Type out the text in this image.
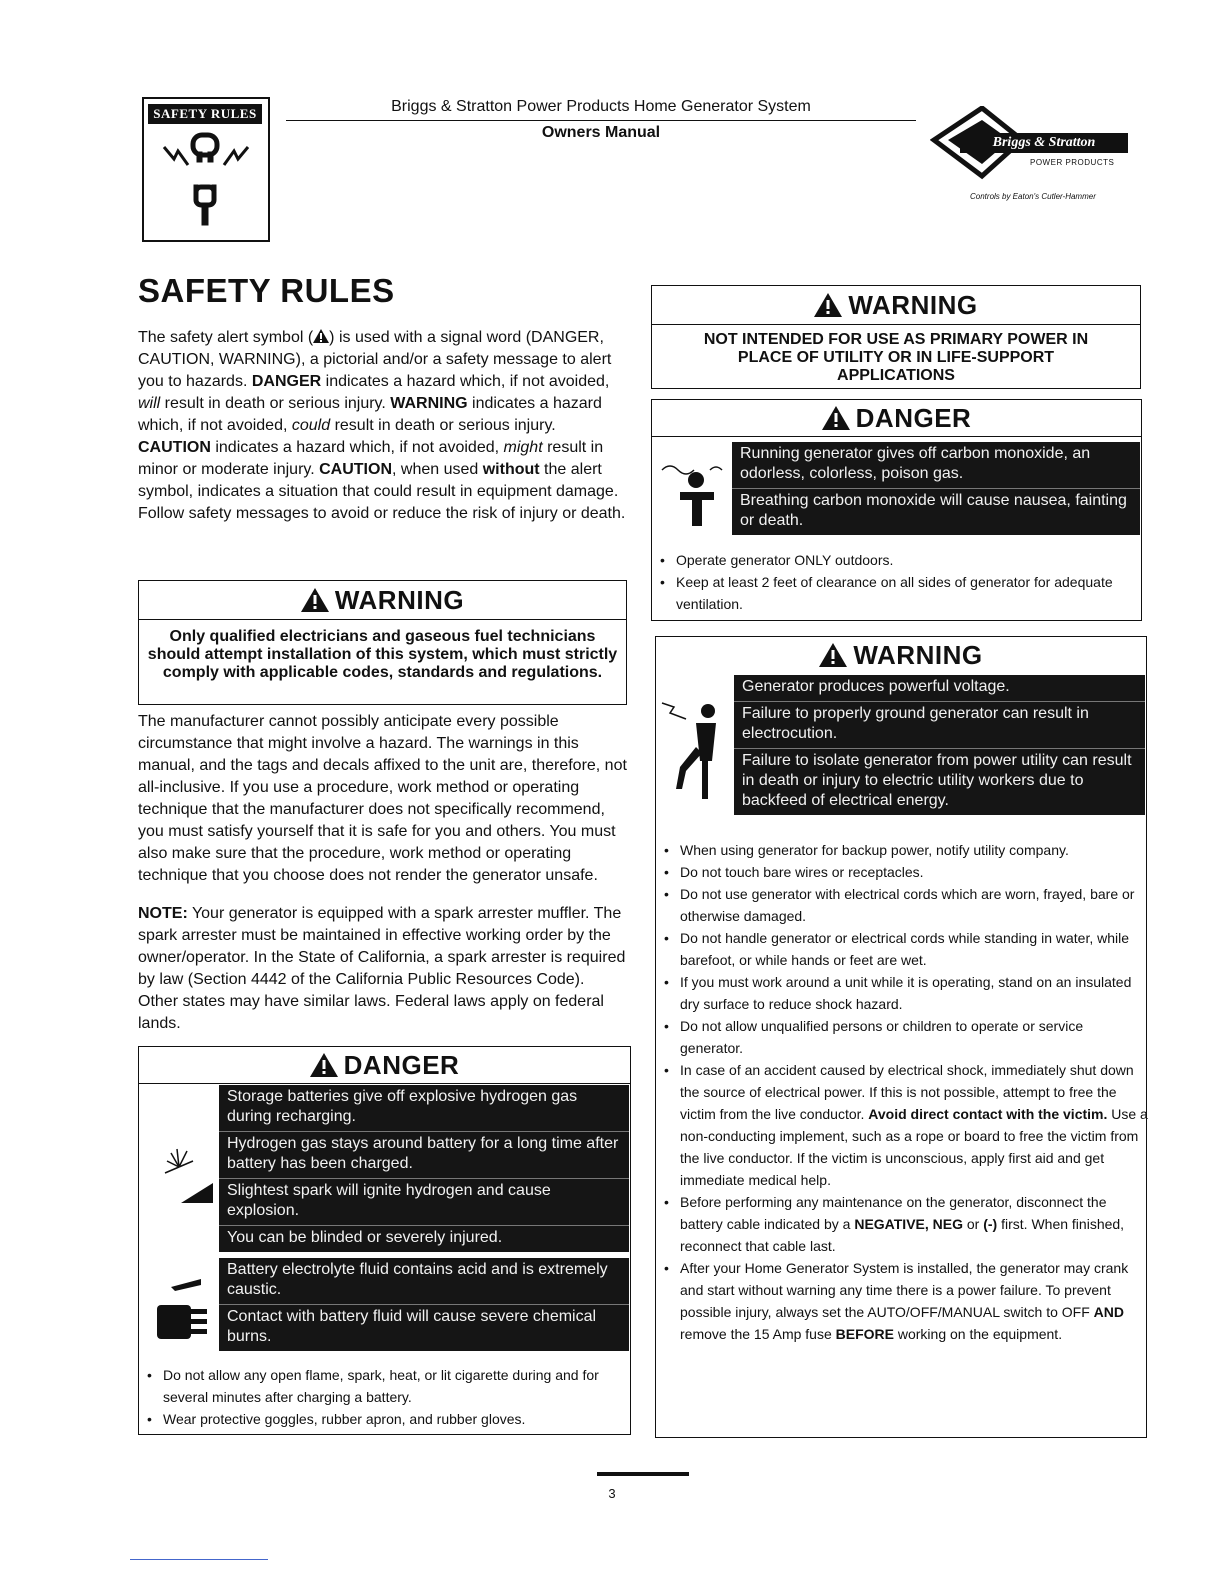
SAFETY RULES	Briggs & Stratton Power Products Home Generator System
Owners Manual
Briggs & Stratton
POWER PRODUCTS
Controls by Eaton's Cutler-Hammer
SAFETY RULES
The safety alert symbol ( ) is used with a signal word (DANGER, CAUTION, WARNING), a pictorial and/or a safety message to alert you to hazards. DANGER indicates a hazard which, if not avoided, will result in death or serious injury. WARNING indicates a hazard which, if not avoided, could result in death or serious injury. CAUTION indicates a hazard which, if not avoided, might result in minor or moderate injury. CAUTION, when used without the alert symbol, indicates a situation that could result in equipment damage. Follow safety messages to avoid or reduce the risk of injury or death.
WARNING
Only qualified electricians and gaseous fuel technicians should attempt installation of this system, which must strictly comply with applicable codes, standards and regulations.
The manufacturer cannot possibly anticipate every possible circumstance that might involve a hazard. The warnings in this manual, and the tags and decals affixed to the unit are, therefore, not all-inclusive. If you use a procedure, work method or operating technique that the manufacturer does not specifically recommend, you must satisfy yourself that it is safe for you and others. You must also make sure that the procedure, work method or operating technique that you choose does not render the generator unsafe.
NOTE: Your generator is equipped with a spark arrester muffler. The spark arrester must be maintained in effective working order by the owner/operator. In the State of California, a spark arrester is required by law (Section 4442 of the California Public Resources Code). Other states may have similar laws. Federal laws apply on federal lands.
DANGER

Storage batteries give off explosive hydrogen gas during recharging.

Hydrogen gas stays around battery for a long time after battery has been charged.

Slightest spark will ignite hydrogen and cause explosion.

You can be blinded or severely injured.

Battery electrolyte fluid contains acid and is extremely caustic.

Contact with battery fluid will cause severe chemical burns.

• Do not allow any open flame, spark, heat, or lit cigarette during and for several minutes after charging a battery.
• Wear protective goggles, rubber apron, and rubber gloves.
WARNING
NOT INTENDED FOR USE AS PRIMARY POWER IN PLACE OF UTILITY OR IN LIFE-SUPPORT APPLICATIONS
DANGER

Running generator gives off carbon monoxide, an odorless, colorless, poison gas.

Breathing carbon monoxide will cause nausea, fainting or death.

• Operate generator ONLY outdoors.
• Keep at least 2 feet of clearance on all sides of generator for adequate ventilation.
WARNING

Generator produces powerful voltage.

Failure to properly ground generator can result in electrocution.

Failure to isolate generator from power utility can result in death or injury to electric utility workers due to backfeed of electrical energy.

• When using generator for backup power, notify utility company.
• Do not touch bare wires or receptacles.
• Do not use generator with electrical cords which are worn, frayed, bare or otherwise damaged.
• Do not handle generator or electrical cords while standing in water, while barefoot, or while hands or feet are wet.
• If you must work around a unit while it is operating, stand on an insulated dry surface to reduce shock hazard.
• Do not allow unqualified persons or children to operate or service generator.
• In case of an accident caused by electrical shock, immediately shut down the source of electrical power. If this is not possible, attempt to free the victim from the live conductor. Avoid direct contact with the victim. Use a non-conducting implement, such as a rope or board to free the victim from the live conductor. If the victim is unconscious, apply first aid and get immediate medical help.
• Before performing any maintenance on the generator, disconnect the battery cable indicated by a NEGATIVE, NEG or (-) first. When finished, reconnect that cable last.
• After your Home Generator System is installed, the generator may crank and start without warning any time there is a power failure. To prevent possible injury, always set the AUTO/OFF/MANUAL switch to OFF AND remove the 15 Amp fuse BEFORE working on the equipment.
3
